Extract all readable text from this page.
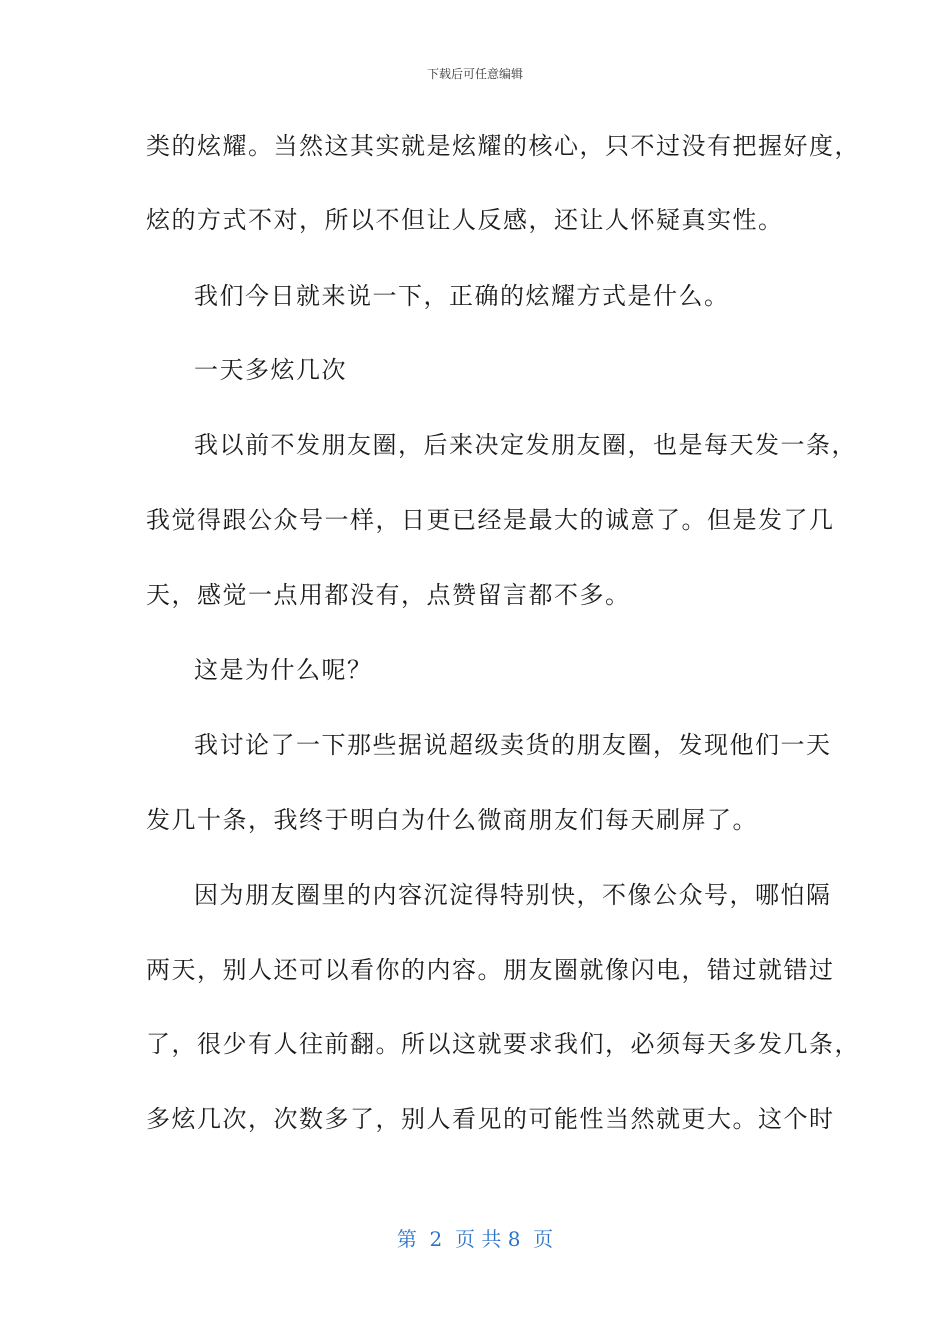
下载后可任意编辑
类的炫耀。当然这其实就是炫耀的核心，只不过没有把握好度，
炫的方式不对，所以不但让人反感，还让人怀疑真实性。
我们今日就来说一下，正确的炫耀方式是什么。
一天多炫几次
我以前不发朋友圈，后来决定发朋友圈，也是每天发一条，
我觉得跟公众号一样，日更已经是最大的诚意了。但是发了几
天，感觉一点用都没有，点赞留言都不多。
这是为什么呢？
我讨论了一下那些据说超级卖货的朋友圈，发现他们一天
发几十条，我终于明白为什么微商朋友们每天刷屏了。
因为朋友圈里的内容沉淀得特别快，不像公众号，哪怕隔
两天，别人还可以看你的内容。朋友圈就像闪电，错过就错过
了，很少有人往前翻。所以这就要求我们，必须每天多发几条，
多炫几次，次数多了，别人看见的可能性当然就更大。这个时
第  2  页 共 8  页
